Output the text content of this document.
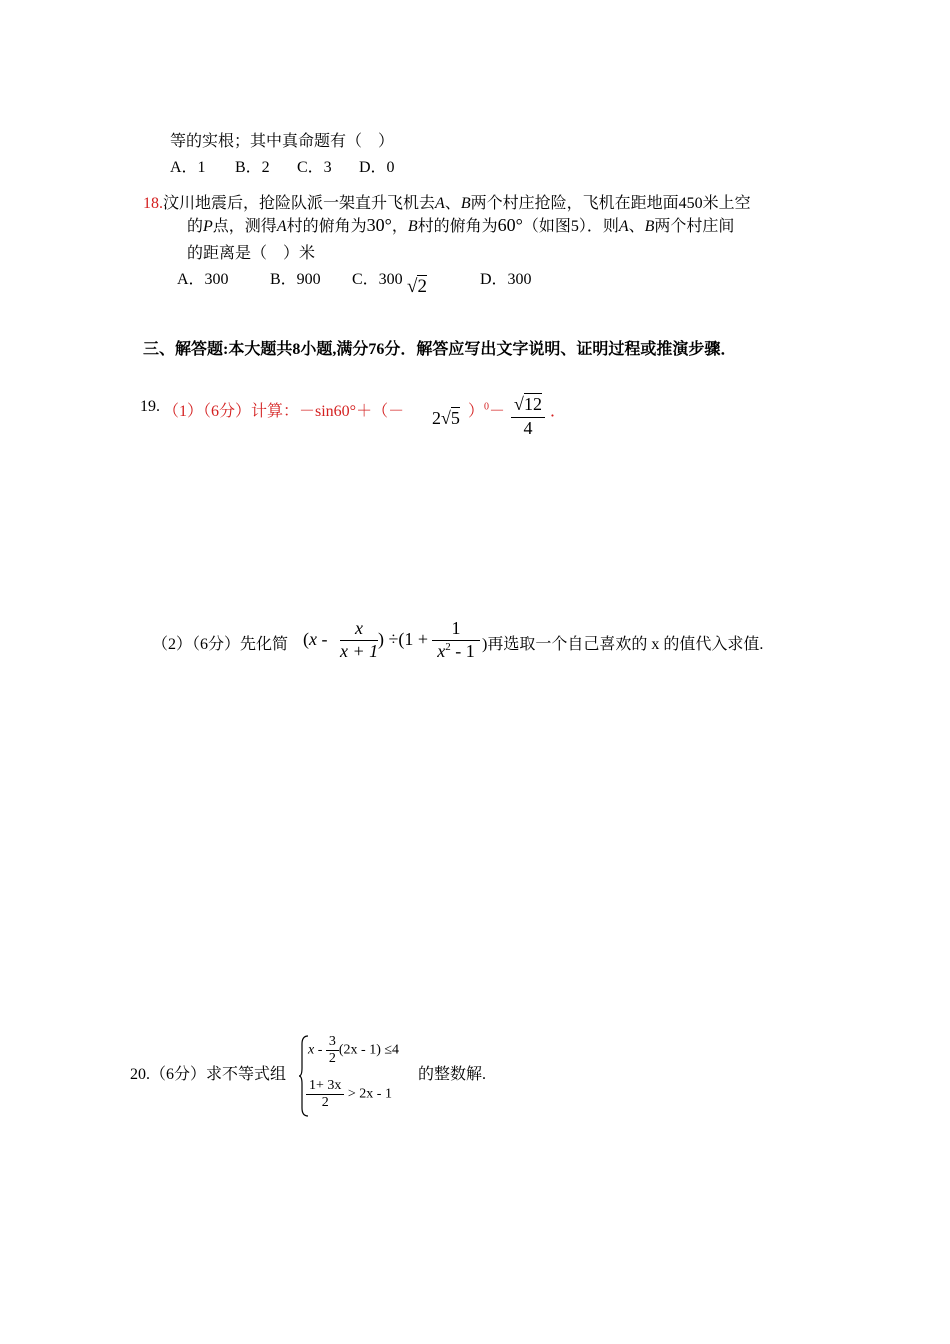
等的实根；其中真命题有（　）
A．1 B．2 C．3 D．0
18.汶川地震后，抢险队派一架直升飞机去A、B两个村庄抢险，飞机在距地面450米上空
的P点，测得A村的俯角为30°，B村的俯角为60°（如图5）．则A、B两个村庄间
的距离是（　）米
A．300	B．900 C．300 √2	D．300
三、解答题:本大题共8小题,满分76分．解答应写出文字说明、证明过程或推演步骤．
19. （1）（6分）计算：－sin60°＋（－ 2√5 ）$^0$－ √12
4
．
（2）（6分）先化简 ($x - \frac{x}{x + 1}$ ) $\div(1 + \frac{1}{x^2 - 1}$ )再选取一个自己喜欢的 x 的值代入求值.
20.（6分）求不等式组
$x - \frac{3}{2} (2x - 1) \le 4$
$\frac{1+ 3x}{2} > 2x - 1$
的整数解.
